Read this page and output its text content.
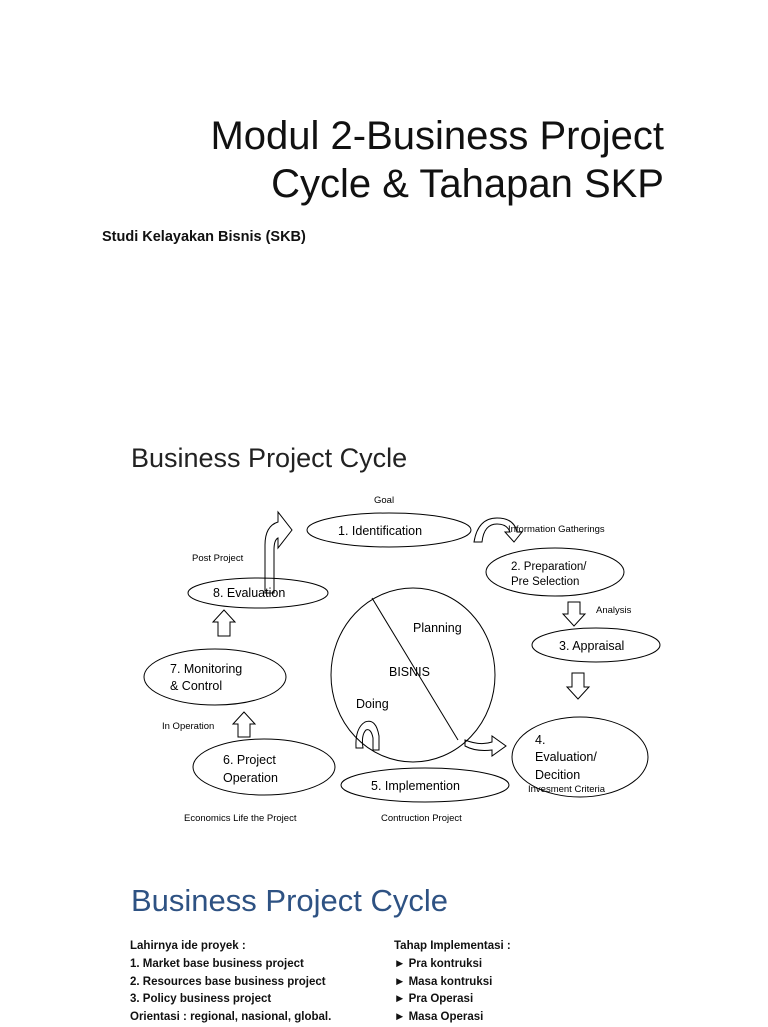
Modul 2-Business Project
Cycle & Tahapan SKP
Studi Kelayakan Bisnis (SKB)
Business Project Cycle
Goal
Information Gatherings
Analysis
Invesment Criteria
Contruction Project
Economics Life the Project
In Operation
Post Project
1. Identification
2. Preparation/
Pre Selection
3. Appraisal
4.
Evaluation/
Decition
5. Implemention
6. Project
Operation
7. Monitoring
& Control
8. Evaluation
Planning
BISNIS
Doing
Business Project Cycle
Lahirnya ide proyek :
1. Market base business project
2. Resources base business project
3. Policy business project
Orientasi : regional, nasional, global.
Tahap Implementasi :
► Pra kontruksi
► Masa kontruksi
► Pra Operasi
► Masa Operasi
